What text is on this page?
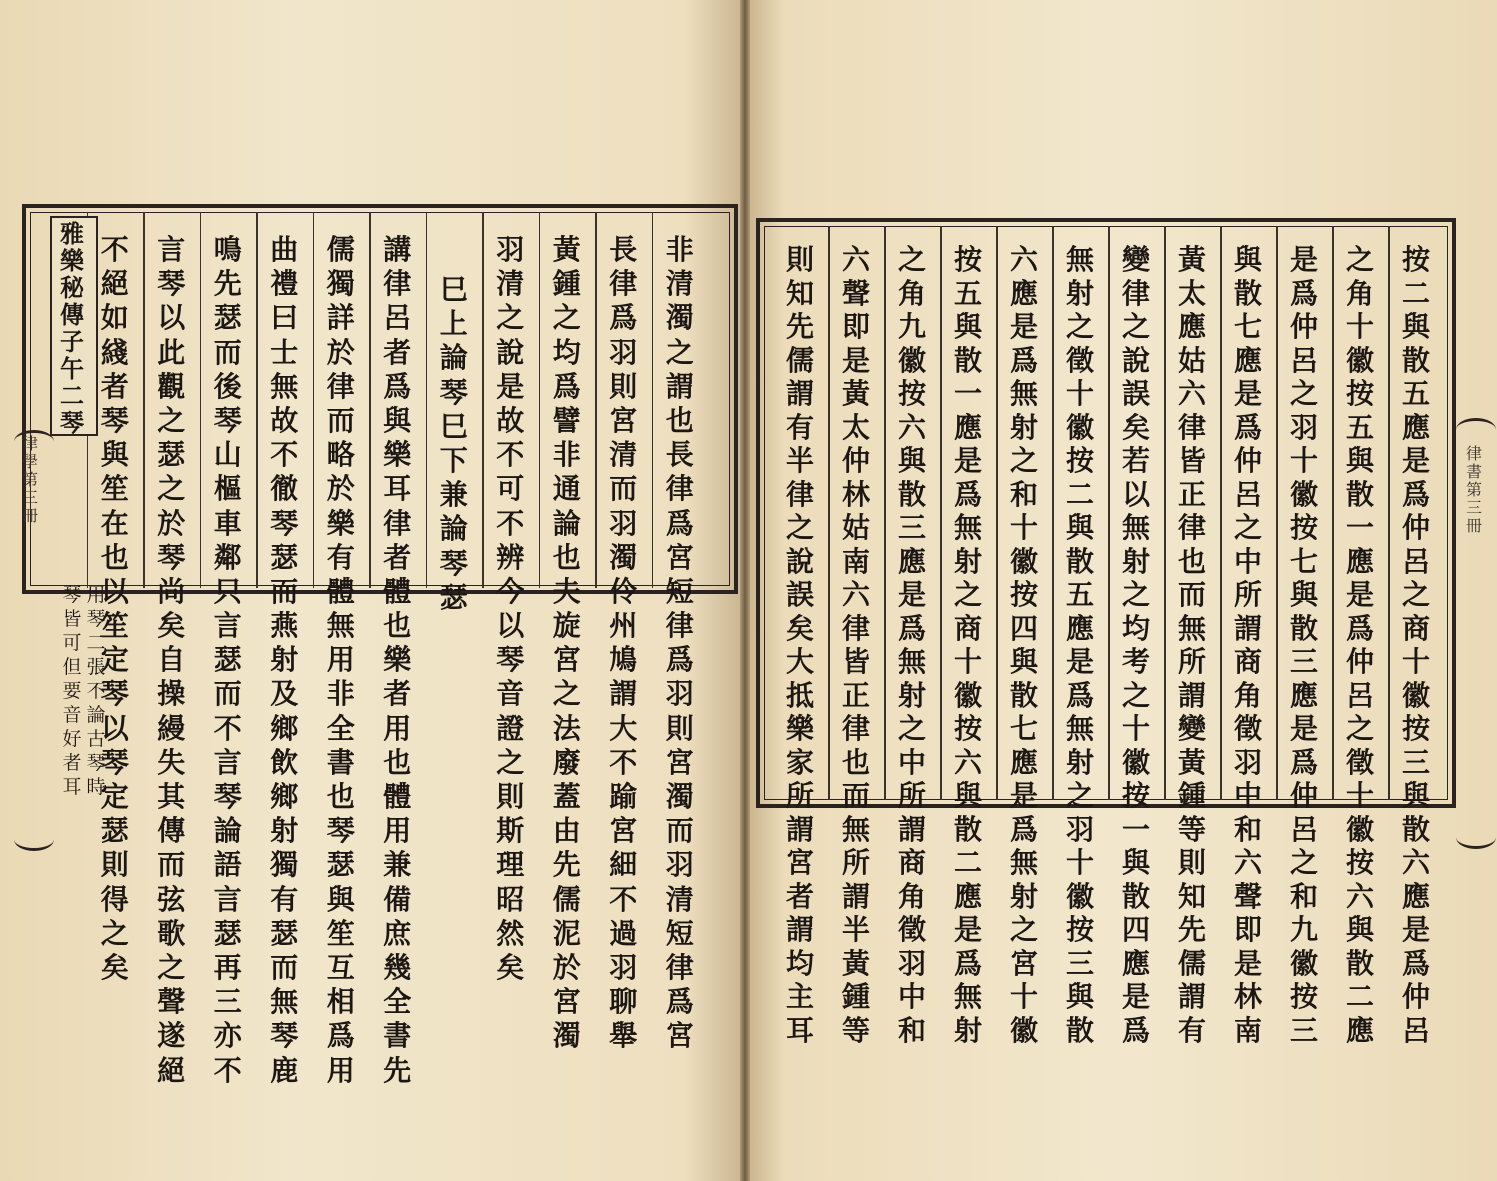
雅
樂
秘
傳
子
午
二
琴
律
學
第
三
冊
非
清
濁
之
謂
也
長
律
爲
宮
短
律
爲
羽
則
宮
濁
而
羽
清
短
律
爲
宮
長
律
爲
羽
則
宮
清
而
羽
濁
伶
州
鳩
謂
大
不
踰
宮
細
不
過
羽
聊
舉
黃
鍾
之
均
爲
譬
非
通
論
也
夫
旋
宮
之
法
廢
蓋
由
先
儒
泥
於
宮
濁
羽
清
之
說
是
故
不
可
不
辨
今
以
琴
音
證
之
則
斯
理
昭
然
矣
巳
上
論
琴
巳
下
兼
論
琴
瑟
講
律
呂
者
爲
與
樂
耳
律
者
體
也
樂
者
用
也
體
用
兼
備
庶
幾
全
書
先
儒
獨
詳
於
律
而
略
於
樂
有
體
無
用
非
全
書
也
琴
瑟
與
笙
互
相
爲
用
曲
禮
曰
士
無
故
不
徹
琴
瑟
而
燕
射
及
鄉
飲
鄉
射
獨
有
瑟
而
無
琴
鹿
鳴
先
瑟
而
後
琴
山
樞
車
鄰
只
言
瑟
而
不
言
琴
論
語
言
瑟
再
三
亦
不
言
琴
以
此
觀
之
瑟
之
於
琴
尚
矣
自
操
縵
失
其
傳
而
弦
歌
之
聲
遂
絕
不
絕
如
綫
者
琴
與
笙
在
也
以
笙
定
琴
以
琴
定
瑟
則
得
之
矣
用
琴
二
張
不
論
古
琴
時
琴
皆
可
但
要
音
好
者
耳
律
書
第
三
冊
按
二
與
散
五
應
是
爲
仲
呂
之
商
十
徽
按
三
與
散
六
應
是
爲
仲
呂
之
角
十
徽
按
五
與
散
一
應
是
爲
仲
呂
之
徵
十
徽
按
六
與
散
二
應
是
爲
仲
呂
之
羽
十
徽
按
七
與
散
三
應
是
爲
仲
呂
之
和
九
徽
按
三
與
散
七
應
是
爲
仲
呂
之
中
所
謂
商
角
徵
羽
中
和
六
聲
即
是
林
南
黃
太
應
姑
六
律
皆
正
律
也
而
無
所
謂
變
黃
鍾
等
則
知
先
儒
謂
有
變
律
之
說
誤
矣
若
以
無
射
之
均
考
之
十
徽
按
一
與
散
四
應
是
爲
無
射
之
徵
十
徽
按
二
與
散
五
應
是
爲
無
射
之
羽
十
徽
按
三
與
散
六
應
是
爲
無
射
之
和
十
徽
按
四
與
散
七
應
是
爲
無
射
之
宮
十
徽
按
五
與
散
一
應
是
爲
無
射
之
商
十
徽
按
六
與
散
二
應
是
爲
無
射
之
角
九
徽
按
六
與
散
三
應
是
爲
無
射
之
中
所
謂
商
角
徵
羽
中
和
六
聲
即
是
黃
太
仲
林
姑
南
六
律
皆
正
律
也
而
無
所
謂
半
黃
鍾
等
則
知
先
儒
謂
有
半
律
之
說
誤
矣
大
抵
樂
家
所
謂
宮
者
謂
均
主
耳
